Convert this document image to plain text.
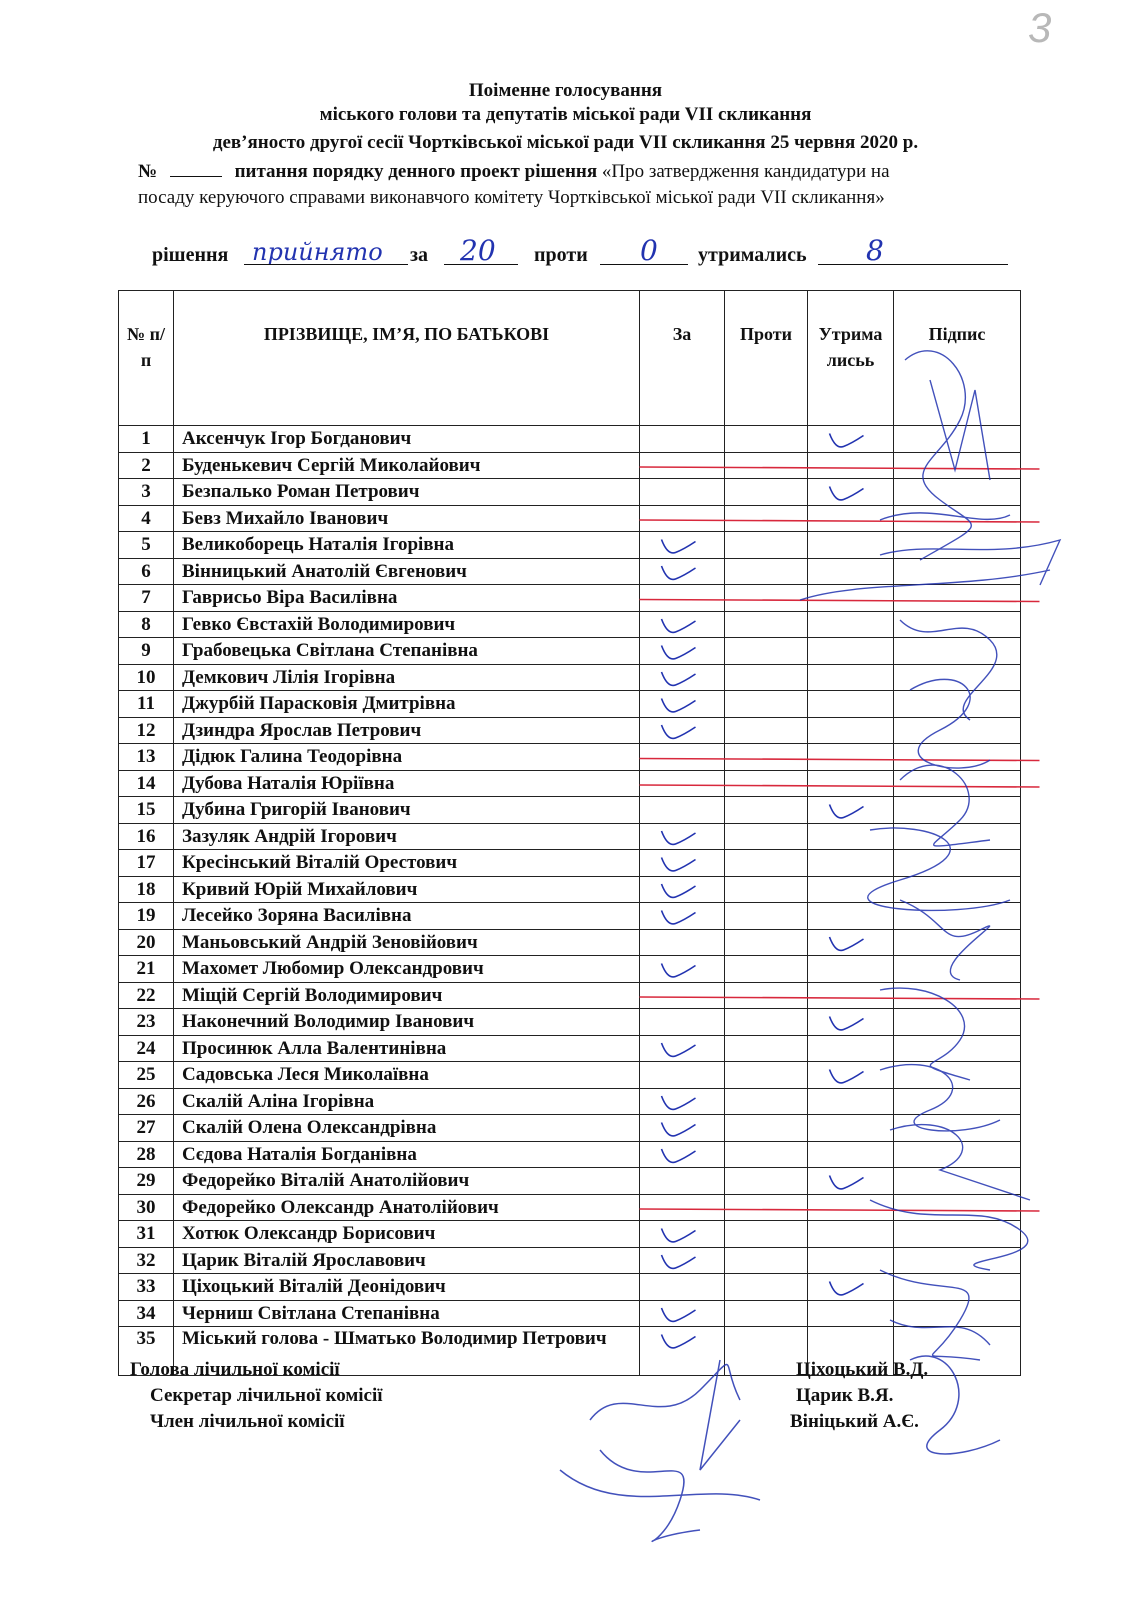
3
Поіменне голосування
міського голови та депутатів міської ради VII скликання
дев’яносто другої сесії Чортківської міської ради VII скликання 25 червня 2020 р.
№	питання порядку денного проект рішення «Про затвердження кандидатури на
посаду керуючого справами виконавчого комітету Чортківської міської ради VII скликання»
рішення прийнято за 20 проти 0 утримались 8
№ п/п	ПРІЗВИЩЕ, ІМ’Я, ПО БАТЬКОВІ	За	Проти	Утрималисьь	Підпис
1	Аксенчук Ігор Богданович				
2	Буденькевич Сергій Миколайович				
3	Безпалько Роман Петрович				
4	Бевз Михайло Іванович				
5	Великоборець Наталія Ігорівна				
6	Вінницький Анатолій Євгенович				
7	Гаврисьо Віра Василівна				
8	Гевко Євстахій Володимирович				
9	Грабовецька Світлана Степанівна				
10	Демкович Лілія Ігорівна				
11	Джурбій Парасковія Дмитрівна				
12	Дзиндра Ярослав Петрович				
13	Дідюк Галина Теодорівна				
14	Дубова Наталія Юріївна				
15	Дубина Григорій Іванович				
16	Зазуляк Андрій Ігорович				
17	Кресінський Віталій Орестович				
18	Кривий Юрій Михайлович				
19	Лесейко Зоряна Василівна				
20	Маньовський Андрій Зеновійович				
21	Махомет Любомир Олександрович				
22	Міщій Сергій Володимирович				
23	Наконечний Володимир Іванович				
24	Просинюк Алла Валентинівна				
25	Садовська Леся Миколаївна				
26	Скалій Аліна Ігорівна				
27	Скалій Олена Олександрівна				
28	Сєдова Наталія Богданівна				
29	Федорейко Віталій Анатолійович				
30	Федорейко Олександр Анатолійович				
31	Хотюк Олександр Борисович				
32	Царик Віталій Ярославович				
33	Ціхоцький Віталій Деонідович				
34	Черниш Світлана Степанівна				
35	Міський голова - Шматько Володимир Петрович				
Голова лічильної комісії	Ціхоцький В.Д.
Секретар лічильної комісії	Царик В.Я.
Член лічильної комісії	Вініцький А.Є.
